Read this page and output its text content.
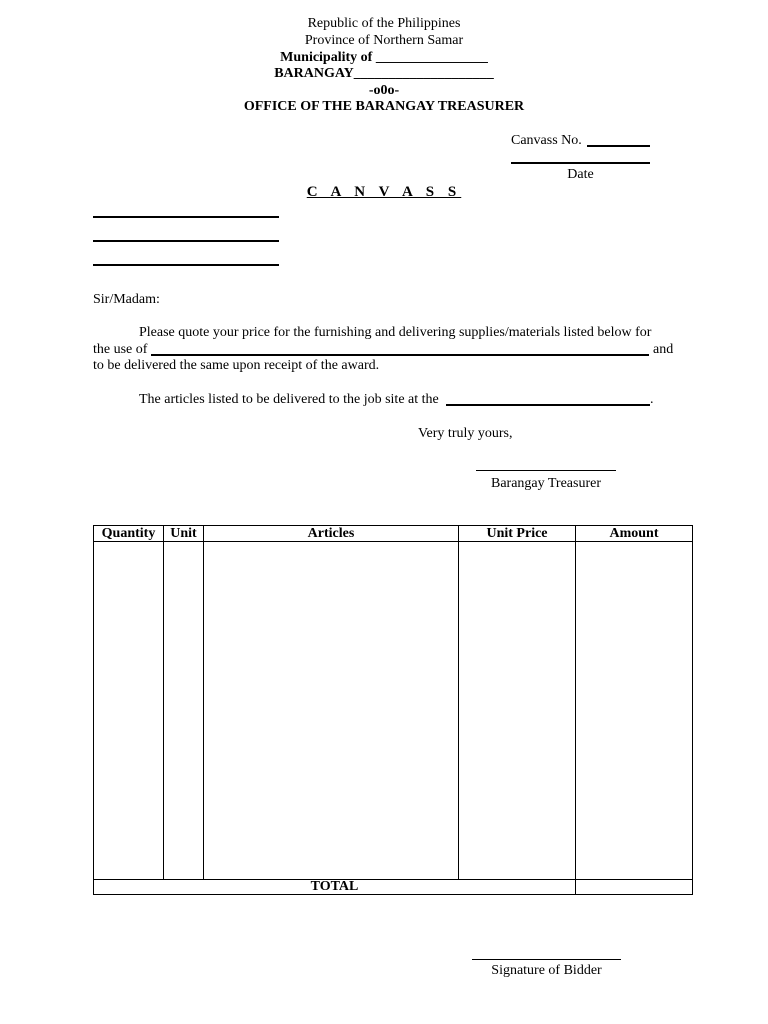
Republic of the Philippines
Province of Northern Samar
Municipality of ________________
BARANGAY____________________
-o0o-
OFFICE OF THE BARANGAY TREASURER
Canvass No.
Date
C A N V A S S
Sir/Madam:
Please quote your price for the furnishing and delivering supplies/materials listed below for
the use of	and
to be delivered the same upon receipt of the award.
The articles listed to be delivered to the job site at the	.
Very truly yours,
Barangay Treasurer
Quantity	Unit	Articles	Unit Price	Amount

TOTAL				
Signature of Bidder
